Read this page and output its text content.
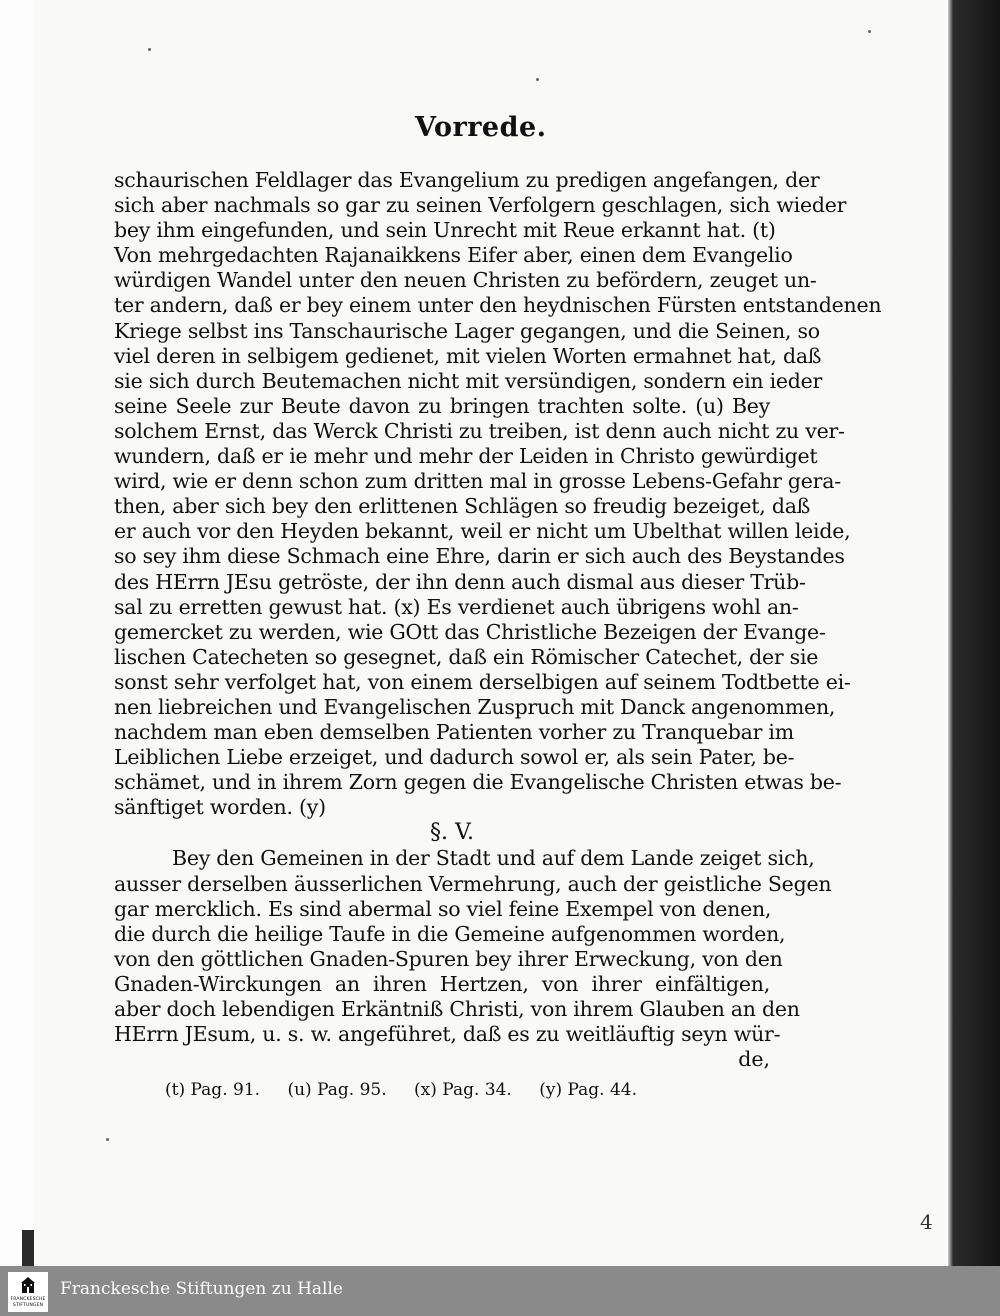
Vorrede.
schaurischen Feldlager das Evangelium zu predigen angefangen, der
sich aber nachmals so gar zu seinen Verfolgern geschlagen, sich wieder
bey ihm eingefunden, und sein Unrecht mit Reue erkannt hat. (t)
Von mehrgedachten Rajanaikkens Eifer aber, einen dem Evangelio
würdigen Wandel unter den neuen Christen zu befördern, zeuget un-
ter andern, daß er bey einem unter den heydnischen Fürsten entstandenen
Kriege selbst ins Tanschaurische Lager gegangen, und die Seinen, so
viel deren in selbigem gedienet, mit vielen Worten ermahnet hat, daß
sie sich durch Beutemachen nicht mit versündigen, sondern ein ieder
seine Seele zur Beute davon zu bringen trachten solte. (u) Bey
solchem Ernst, das Werck Christi zu treiben, ist denn auch nicht zu ver-
wundern, daß er ie mehr und mehr der Leiden in Christo gewürdiget
wird, wie er denn schon zum dritten mal in grosse Lebens-Gefahr gera-
then, aber sich bey den erlittenen Schlägen so freudig bezeiget, daß
er auch vor den Heyden bekannt, weil er nicht um Ubelthat willen leide,
so sey ihm diese Schmach eine Ehre, darin er sich auch des Beystandes
des HErrn JEsu getröste, der ihn denn auch dismal aus dieser Trüb-
sal zu erretten gewust hat. (x) Es verdienet auch übrigens wohl an-
gemercket zu werden, wie GOtt das Christliche Bezeigen der Evange-
lischen Catecheten so gesegnet, daß ein Römischer Catechet, der sie
sonst sehr verfolget hat, von einem derselbigen auf seinem Todtbette ei-
nen liebreichen und Evangelischen Zuspruch mit Danck angenommen,
nachdem man eben demselben Patienten vorher zu Tranquebar im
Leiblichen Liebe erzeiget, und dadurch sowol er, als sein Pater, be-
schämet, und in ihrem Zorn gegen die Evangelische Christen etwas be-
sänftiget worden. (y)
§. V.
Bey den Gemeinen in der Stadt und auf dem Lande zeiget sich,
ausser derselben äusserlichen Vermehrung, auch der geistliche Segen
gar mercklich. Es sind abermal so viel feine Exempel von denen,
die durch die heilige Taufe in die Gemeine aufgenommen worden,
von den göttlichen Gnaden-Spuren bey ihrer Erweckung, von den
Gnaden-Wirckungen an ihren Hertzen, von ihrer einfältigen,
aber doch lebendigen Erkäntniß Christi, von ihrem Glauben an den
HErrn JEsum, u. s. w. angeführet, daß es zu weitläuftig seyn wür-
de,
(t) Pag. 91. (u) Pag. 95. (x) Pag. 34. (y) Pag. 44.
4
FRANCKESCHE
STIFTUNGEN
Franckesche Stiftungen zu Halle
